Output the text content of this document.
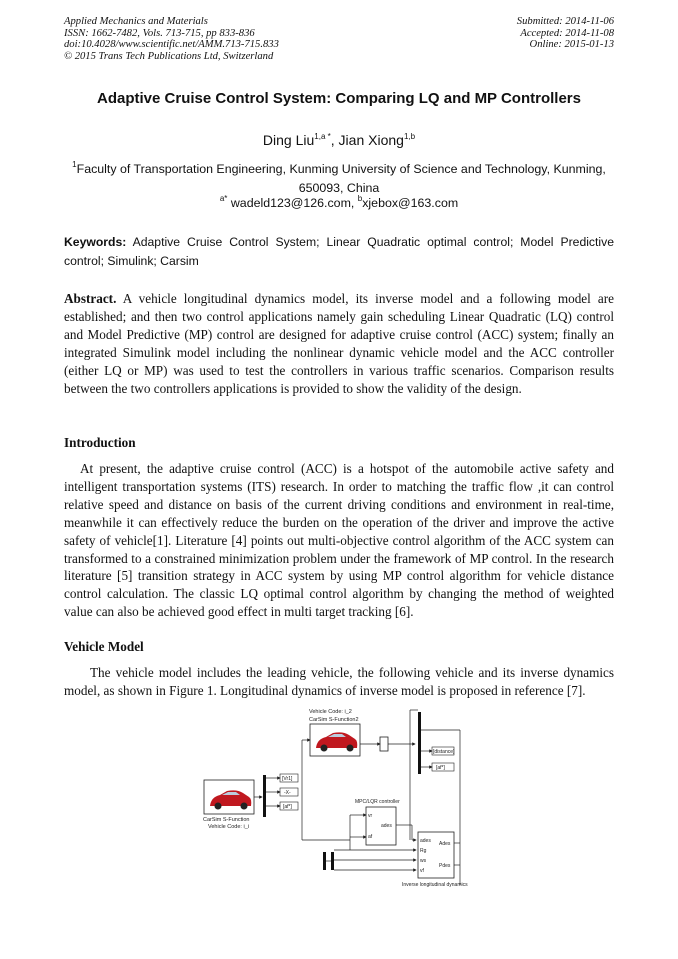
Applied Mechanics and Materials
ISSN: 1662-7482, Vols. 713-715, pp 833-836
doi:10.4028/www.scientific.net/AMM.713-715.833
© 2015 Trans Tech Publications Ltd, Switzerland
Submitted: 2014-11-06
Accepted: 2014-11-08
Online: 2015-01-13
Adaptive Cruise Control System: Comparing LQ and MP Controllers
Ding Liu$^{1,a *}$, Jian Xiong$^{1,b}$
$^1$Faculty of Transportation Engineering, Kunming University of Science and Technology, Kunming, 650093, China
$^{a*}$ wadeld123@126.com, $^b$xjebox@163.com
Keywords: Adaptive Cruise Control System; Linear Quadratic optimal control; Model Predictive control; Simulink; Carsim
Abstract. A vehicle longitudinal dynamics model, its inverse model and a following model are established; and then two control applications namely gain scheduling Linear Quadratic (LQ) control and Model Predictive (MP) control are designed for adaptive cruise control (ACC) system; finally an integrated Simulink model including the nonlinear dynamic vehicle model and the ACC controller (either LQ or MP) was used to test the controllers in various traffic scenarios. Comparison results between the two controllers applications is provided to show the validity of the design.
Introduction
At present, the adaptive cruise control (ACC) is a hotspot of the automobile active safety and intelligent transportation systems (ITS) research. In order to matching the traffic flow ,it can control relative speed and distance on basis of the current driving conditions and environment in real-time, meanwhile it can effectively reduce the burden on the operation of the driver and improve the active safety of vehicle[1]. Literature [4] points out multi-objective control algorithm of the ACC system can transformed to a constrained minimization problem under the framework of MP control. In the research literature [5] transition strategy in ACC system by using MP control algorithm for vehicle distance control calculation. The classic LQ optimal control algorithm by changing the method of weighted value can also be achieved good effect in multi target tracking [6].
Vehicle Model
The vehicle model includes the leading vehicle, the following vehicle and its inverse dynamics model, as shown in Figure 1. Longitudinal dynamics of inverse model is proposed in reference [7].
Vehicle Code: i_2
CarSim S-Function2
[distance]
[af*]
CarSim S-Function
Vehicle Code: i_i
[Vr1]
-X-
[af*]
MPC/LQR controller
vr
af
ades
ades
Rg
ws
vf
Ades
Pdes
Inverse longitudinal dynamics
